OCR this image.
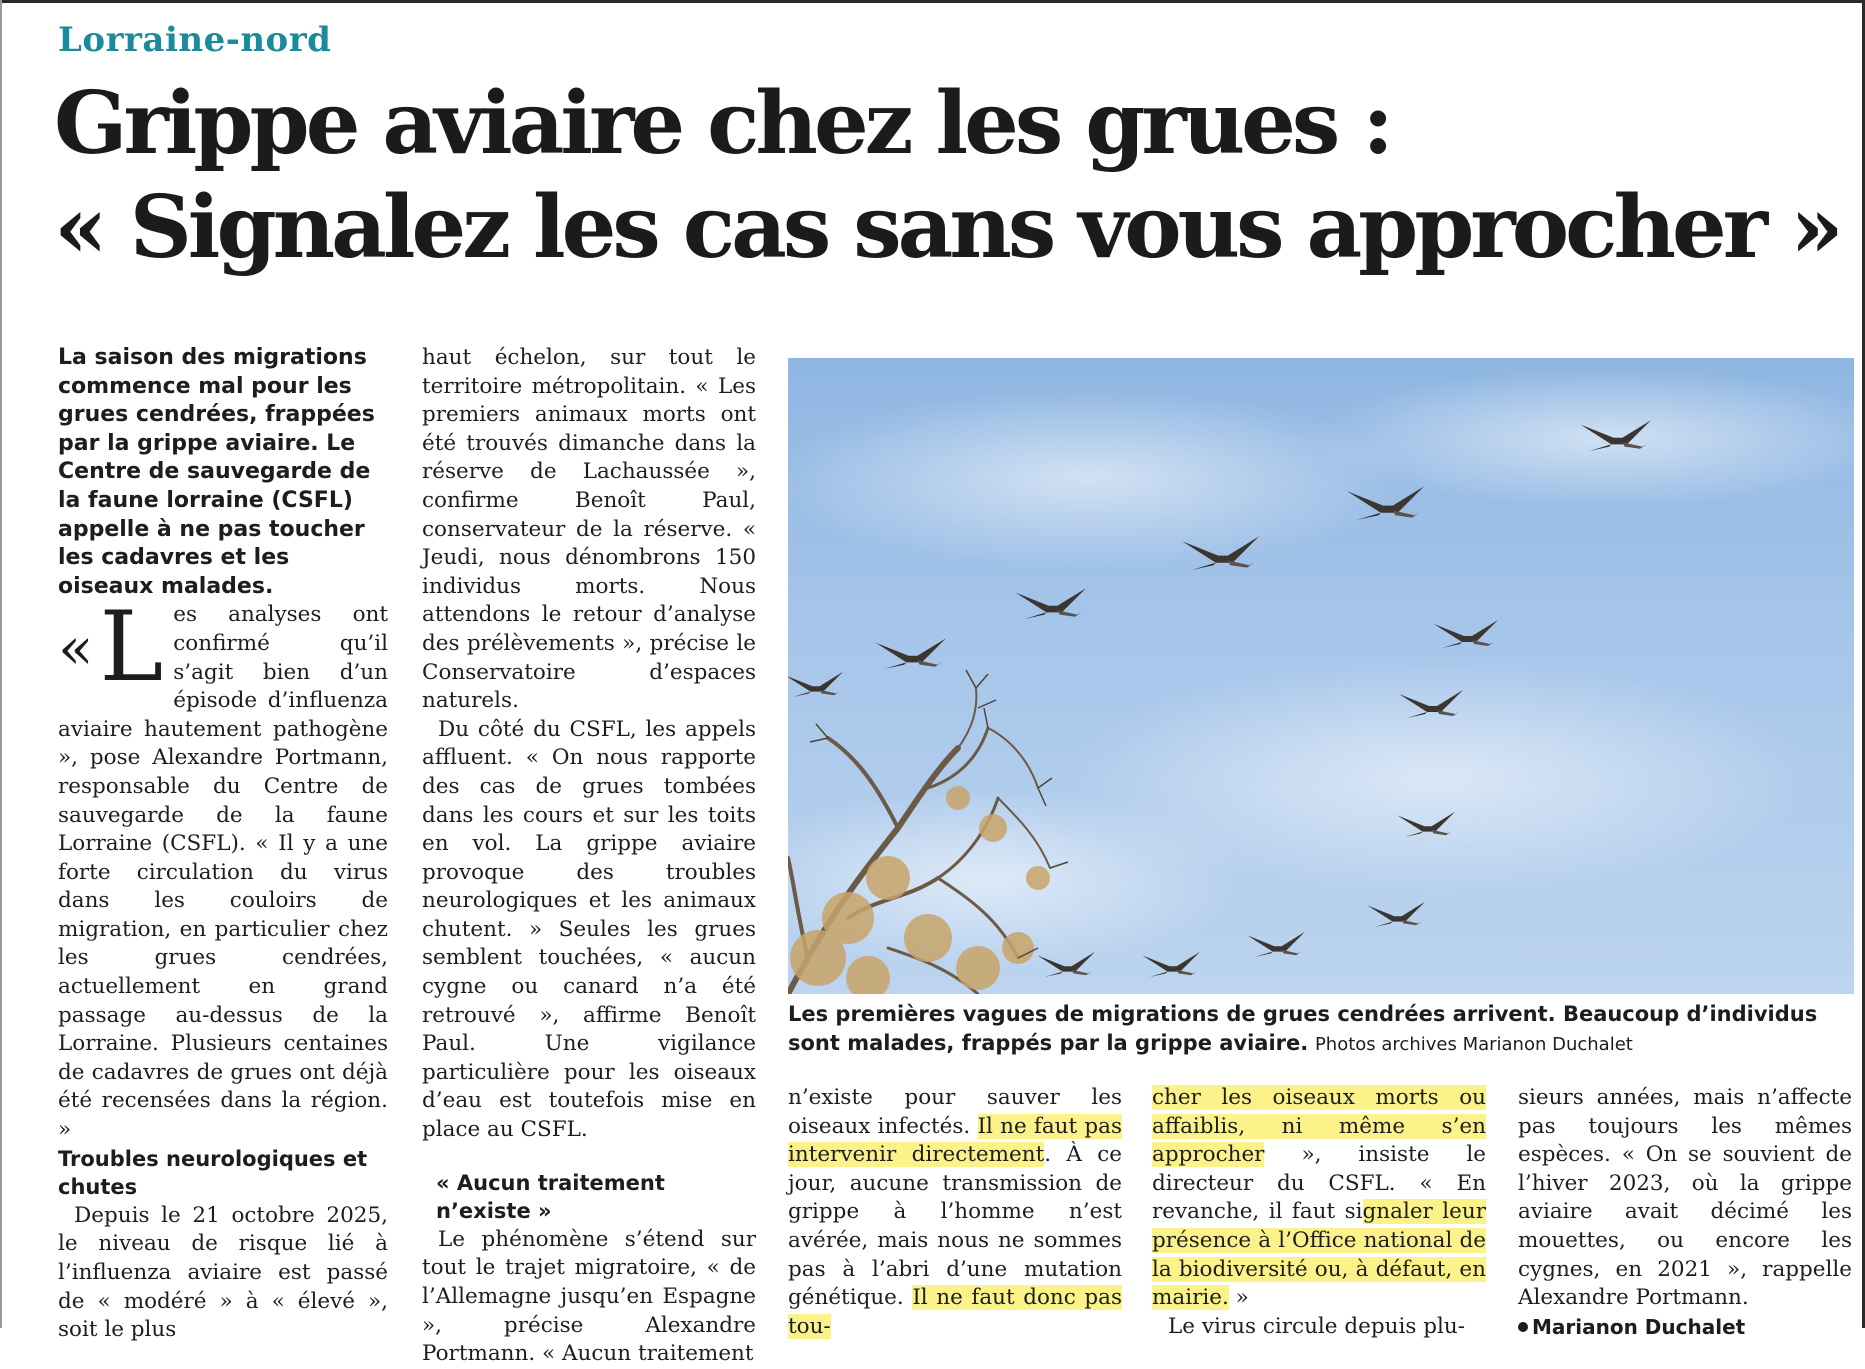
Lorraine-nord
Grippe aviaire chez les grues :
« Signalez les cas sans vous approcher »

La saison des migrations commence mal pour les grues cendrées, frappées par la grippe aviaire. Le Centre de sauvegarde de la faune lorraine (CSFL) appelle à ne pas toucher les cadavres et les oiseaux malades.

«L es analyses ont confirmé qu’il s’agit bien d’un épisode d’influenza aviaire hautement pathogène », pose Alexandre Portmann, responsable du Centre de sauvegarde de la faune Lorraine (CSFL). « Il y a une forte circulation du virus dans les couloirs de migration, en particulier chez les grues cendrées, actuellement en grand passage au-dessus de la Lorraine. Plusieurs centaines de cadavres de grues ont déjà été recensées dans la région. »

Troubles neurologiques et chutes

Depuis le 21 octobre 2025, le niveau de risque lié à l’influenza aviaire est passé de « modéré » à « élevé », soit le plus

haut échelon, sur tout le territoire métropolitain. « Les premiers animaux morts ont été trouvés dimanche dans la réserve de Lachaussée », confirme Benoît Paul, conservateur de la réserve. « Jeudi, nous dénombrons 150 individus morts. Nous attendons le retour d’analyse des prélèvements », précise le Conservatoire d’espaces naturels.

Du côté du CSFL, les appels affluent. « On nous rapporte des cas de grues tombées dans les cours et sur les toits en vol. La grippe aviaire provoque des troubles neurologiques et les animaux chutent. » Seules les grues semblent touchées, « aucun cygne ou canard n’a été retrouvé », affirme Benoît Paul. Une vigilance particulière pour les oiseaux d’eau est toutefois mise en place au CSFL.

« Aucun traitement n’existe »

Le phénomène s’étend sur tout le trajet migratoire, « de l’Allemagne jusqu’en Espagne », précise Alexandre Portmann. « Aucun traitement

Les premières vagues de migrations de grues cendrées arrivent. Beaucoup d’individus sont malades, frappés par la grippe aviaire. Photos archives Marianon Duchalet

n’existe pour sauver les oiseaux infectés. Il ne faut pas intervenir directement. À ce jour, aucune transmission de grippe à l’homme n’est avérée, mais nous ne sommes pas à l’abri d’une mutation génétique. Il ne faut donc pas tou-

cher les oiseaux morts ou affaiblis, ni même s’en approcher », insiste le directeur du CSFL. « En revanche, il faut signaler leur présence à l’Office national de la biodiversité ou, à défaut, en mairie. »

Le virus circule depuis plu-

sieurs années, mais n’affecte pas toujours les mêmes espèces. « On se souvient de l’hiver 2023, où la grippe aviaire avait décimé les mouettes, ou encore les cygnes, en 2021 », rappelle Alexandre Portmann.

Marianon Duchalet
